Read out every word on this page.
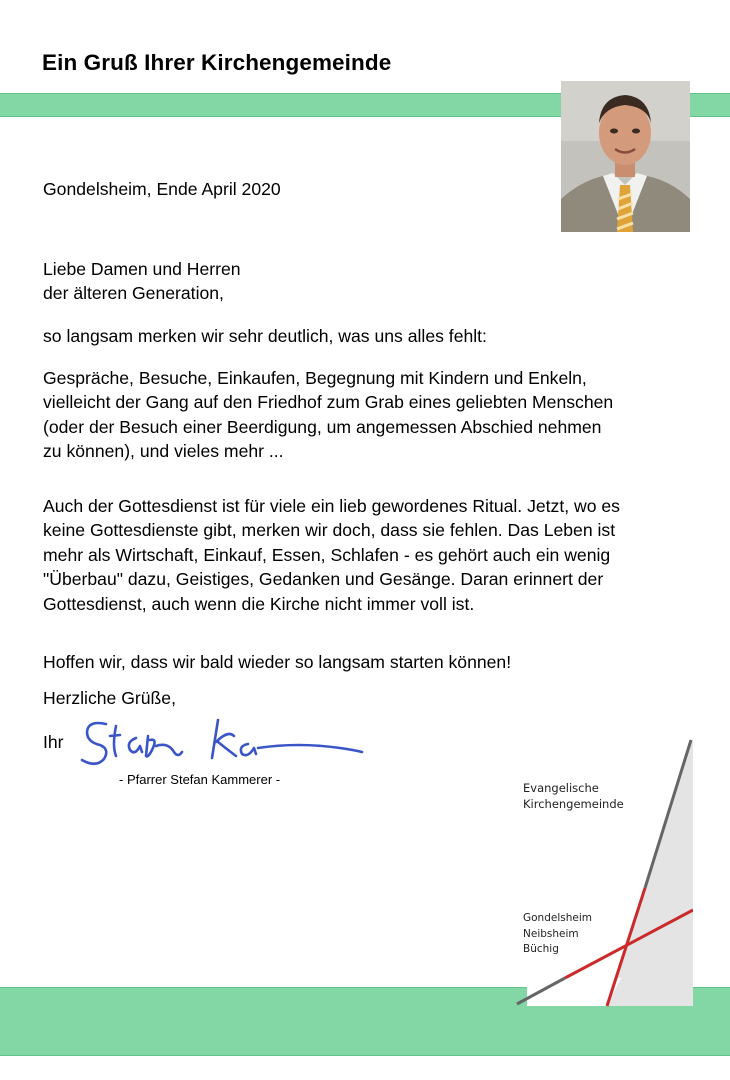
Ein Gruß Ihrer Kirchengemeinde
Gondelsheim, Ende April 2020
Liebe Damen und Herren
der älteren Generation,
so langsam merken wir sehr deutlich, was uns alles fehlt:
Gespräche, Besuche, Einkaufen, Begegnung mit Kindern und Enkeln,
vielleicht der Gang auf den Friedhof zum Grab eines geliebten Menschen
(oder der Besuch einer Beerdigung, um angemessen Abschied nehmen
zu können), und vieles mehr ...
Auch der Gottesdienst ist für viele ein lieb gewordenes Ritual. Jetzt, wo es
keine Gottesdienste gibt, merken wir doch, dass sie fehlen. Das Leben ist
mehr als Wirtschaft, Einkauf, Essen, Schlafen - es gehört auch ein wenig
"Überbau" dazu, Geistiges, Gedanken und Gesänge. Daran erinnert der
Gottesdienst, auch wenn die Kirche nicht immer voll ist.
Hoffen wir, dass wir bald wieder so langsam starten können!
Herzliche Grüße,
Ihr
- Pfarrer Stefan Kammerer -
Evangelische
Kirchengemeinde
Gondelsheim
Neibsheim
Büchig
